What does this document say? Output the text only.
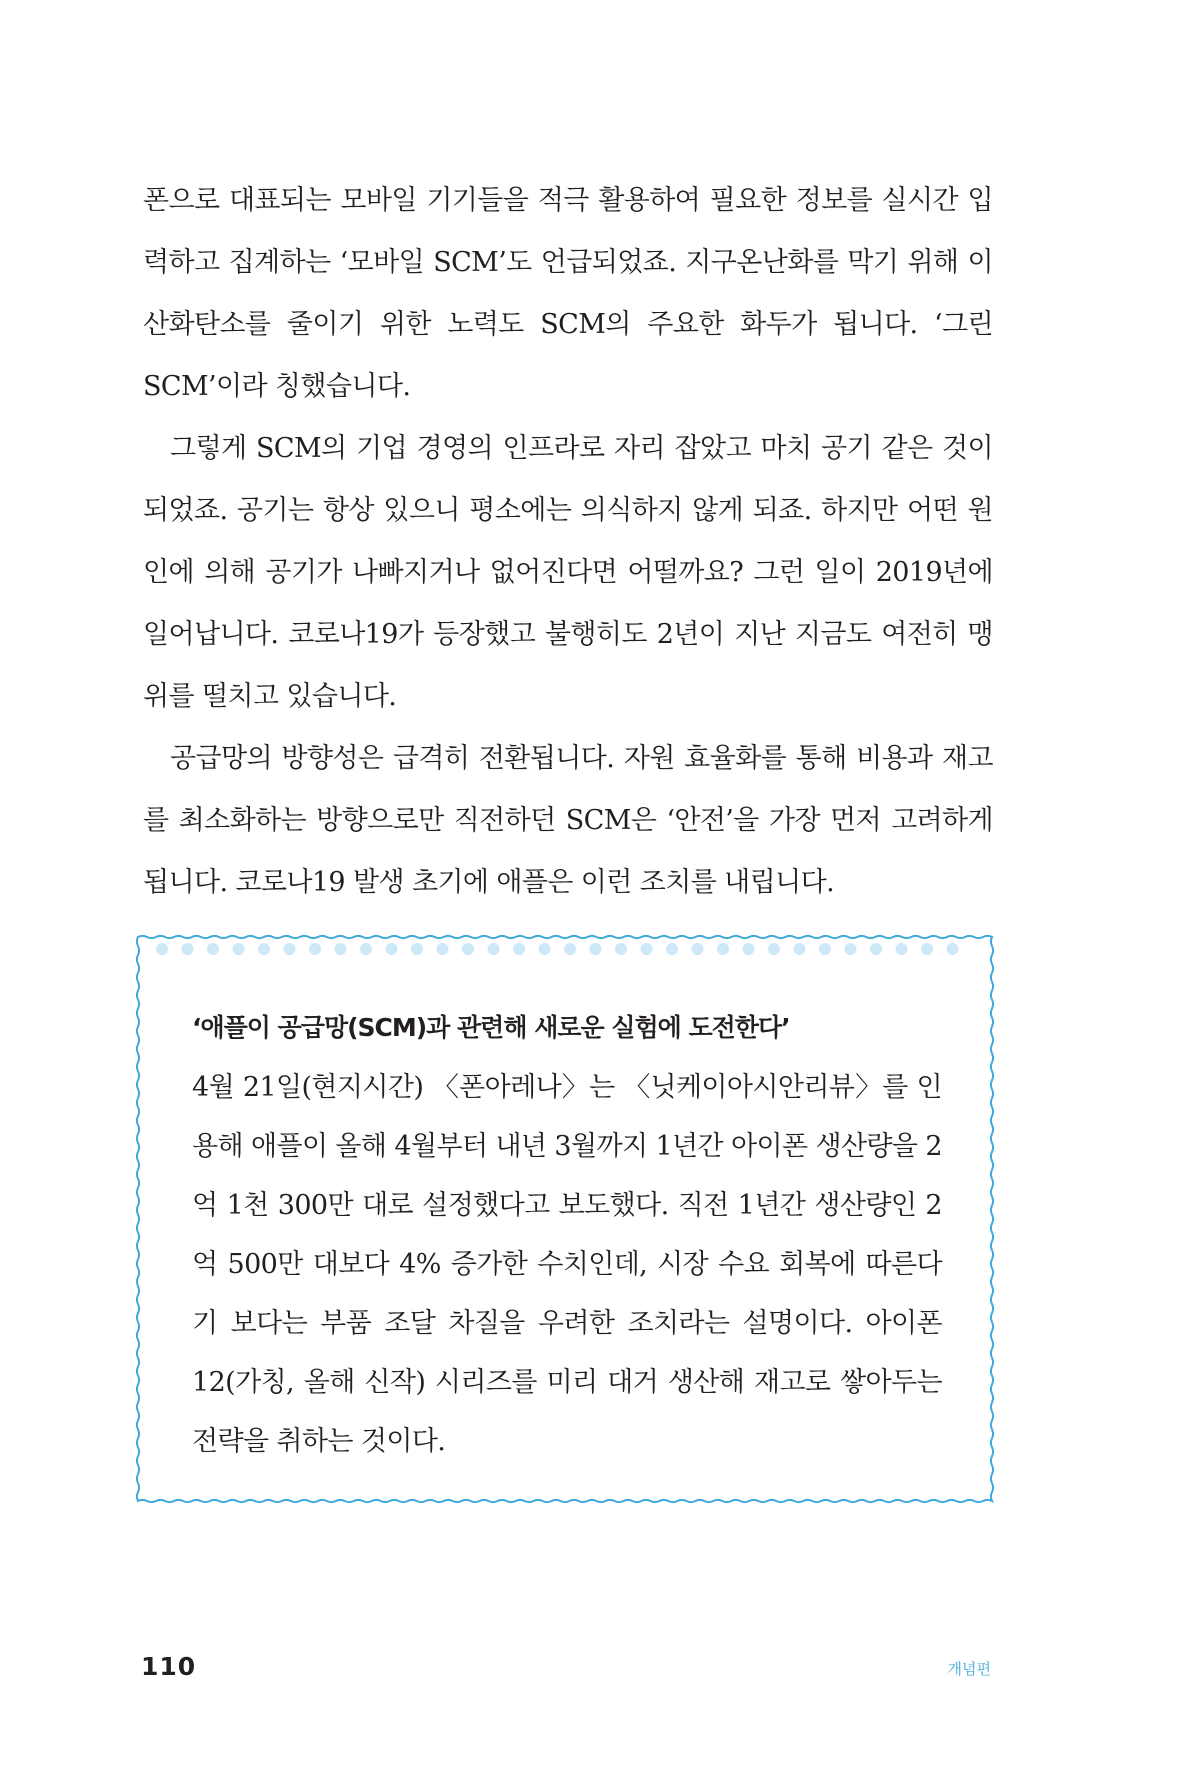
폰으로 대표되는 모바일 기기들을 적극 활용하여 필요한 정보를 실시간 입력하고 집계하는 ‘모바일 SCM’도 언급되었죠. 지구온난화를 막기 위해 이산화탄소를 줄이기 위한 노력도 SCM의 주요한 화두가 됩니다. ‘그린 SCM’이라 칭했습니다.

그렇게 SCM의 기업 경영의 인프라로 자리 잡았고 마치 공기 같은 것이 되었죠. 공기는 항상 있으니 평소에는 의식하지 않게 되죠. 하지만 어떤 원인에 의해 공기가 나빠지거나 없어진다면 어떨까요? 그런 일이 2019년에 일어납니다. 코로나19가 등장했고 불행히도 2년이 지난 지금도 여전히 맹위를 떨치고 있습니다.

공급망의 방향성은 급격히 전환됩니다. 자원 효율화를 통해 비용과 재고를 최소화하는 방향으로만 직전하던 SCM은 ‘안전’을 가장 먼저 고려하게 됩니다. 코로나19 발생 초기에 애플은 이런 조치를 내립니다.

‘애플이 공급망(SCM)과 관련해 새로운 실험에 도전한다’

4월 21일(현지시간) 〈폰아레나〉는 〈닛케이아시안리뷰〉를 인용해 애플이 올해 4월부터 내년 3월까지 1년간 아이폰 생산량을 2억 1천 300만 대로 설정했다고 보도했다. 직전 1년간 생산량인 2억 500만 대보다 4% 증가한 수치인데, 시장 수요 회복에 따른다기 보다는 부품 조달 차질을 우려한 조치라는 설명이다. 아이폰12(가칭, 올해 신작) 시리즈를 미리 대거 생산해 재고로 쌓아두는 전략을 취하는 것이다.

110	개념편
